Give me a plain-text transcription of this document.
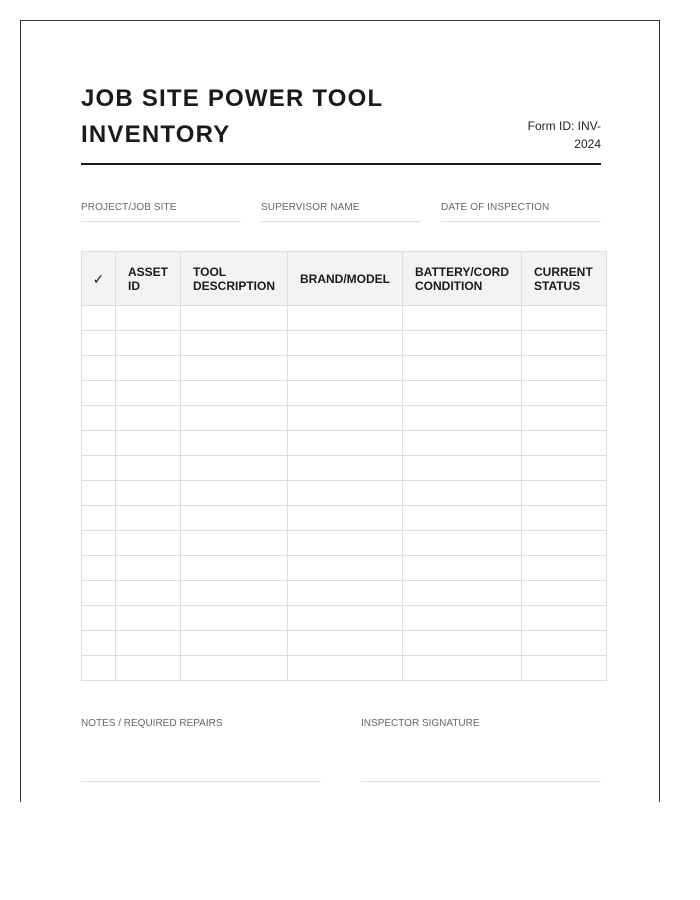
JOB SITE POWER TOOL INVENTORY	Form ID: INV-2024
PROJECT/JOB SITE	SUPERVISOR NAME	DATE OF INSPECTION
✓	ASSET ID	TOOL DESCRIPTION	BRAND/MODEL	BATTERY/CORD CONDITION	CURRENT STATUS

NOTES / REQUIRED REPAIRS	INSPECTOR SIGNATURE
